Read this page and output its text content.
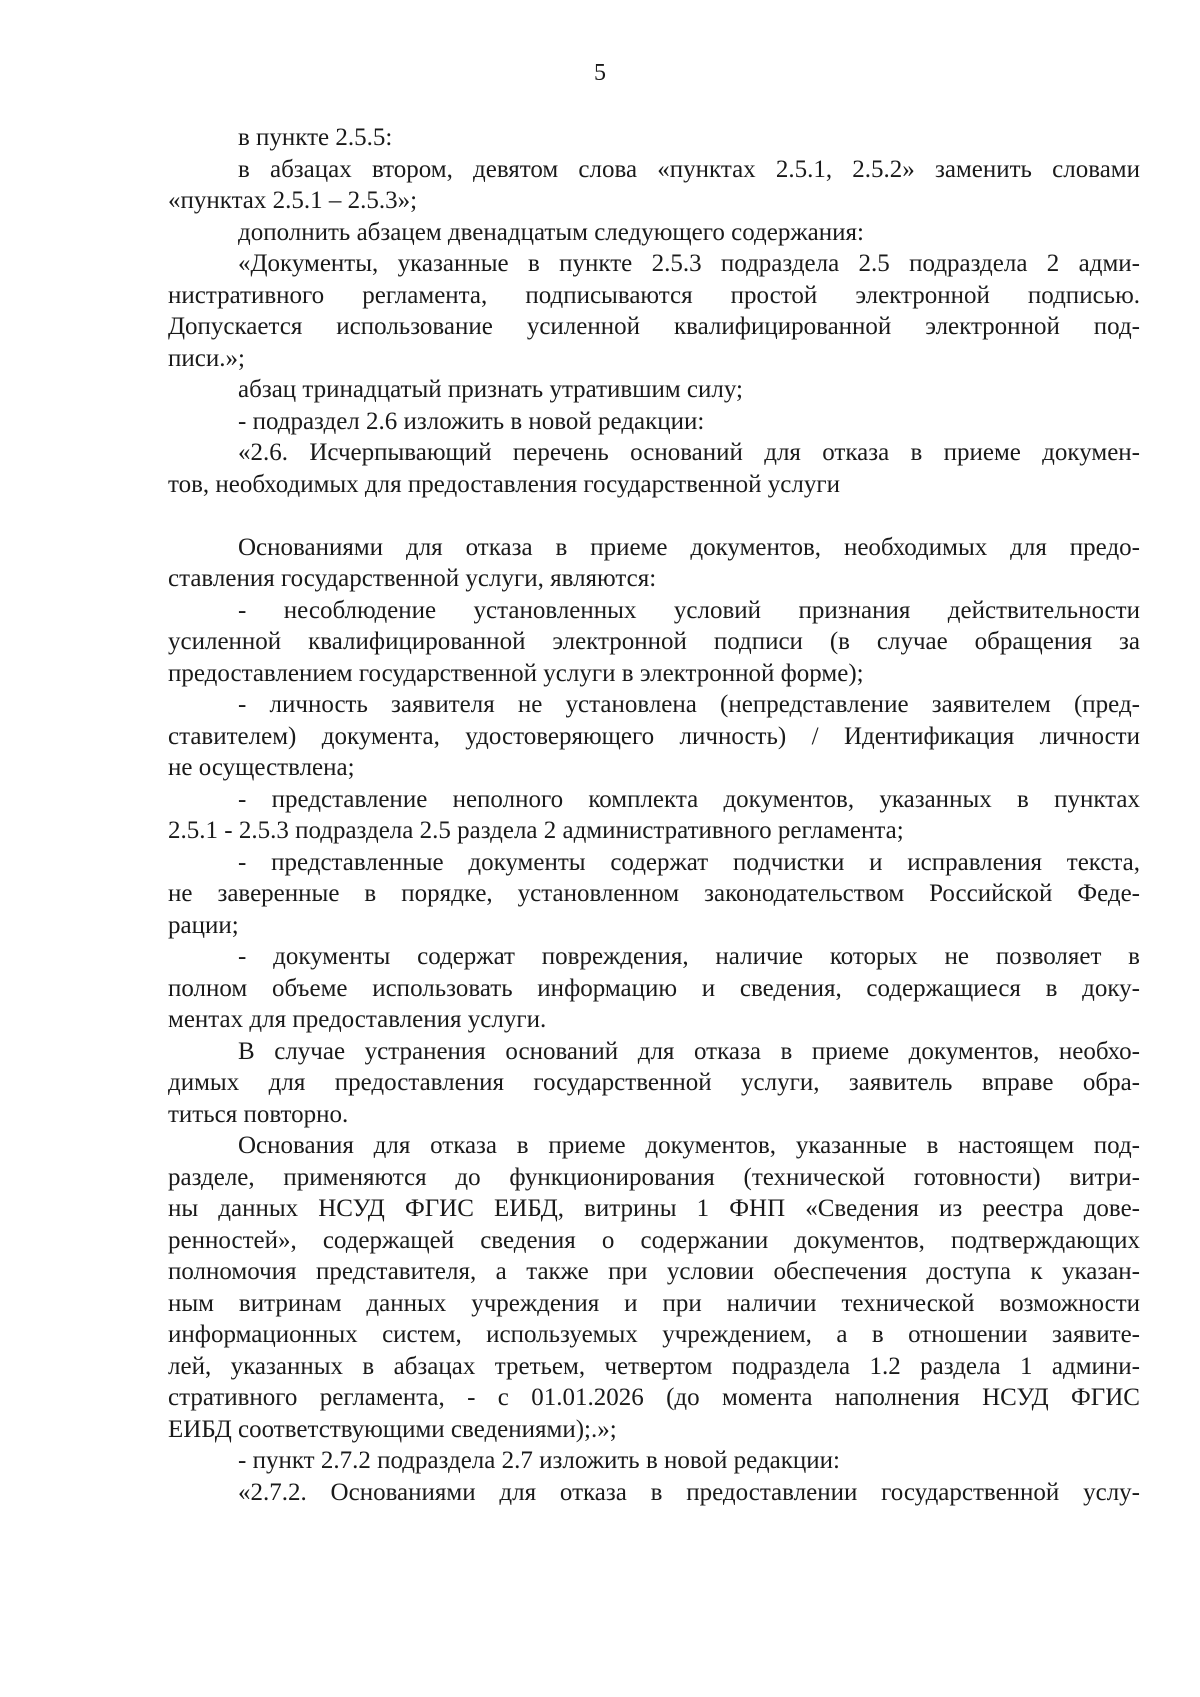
5
в пункте 2.5.5:
в абзацах втором, девятом слова «пунктах 2.5.1, 2.5.2» заменить словами
«пунктах 2.5.1 – 2.5.3»;
дополнить абзацем двенадцатым следующего содержания:
«Документы, указанные в пункте 2.5.3 подраздела 2.5 подраздела 2 адми-
нистративного регламента, подписываются простой электронной подписью.
Допускается использование усиленной квалифицированной электронной под-
писи.»;
абзац тринадцатый признать утратившим силу;
- подраздел 2.6 изложить в новой редакции:
«2.6. Исчерпывающий перечень оснований для отказа в приеме докумен-
тов, необходимых для предоставления государственной услуги
Основаниями для отказа в приеме документов, необходимых для предо-
ставления государственной услуги, являются:
- несоблюдение установленных условий признания действительности
усиленной квалифицированной электронной подписи (в случае обращения за
предоставлением государственной услуги в электронной форме);
- личность заявителя не установлена (непредставление заявителем (пред-
ставителем) документа, удостоверяющего личность) / Идентификация личности
не осуществлена;
- представление неполного комплекта документов, указанных в пунктах
2.5.1 - 2.5.3 подраздела 2.5 раздела 2 административного регламента;
- представленные документы содержат подчистки и исправления текста,
не заверенные в порядке, установленном законодательством Российской Феде-
рации;
- документы содержат повреждения, наличие которых не позволяет в
полном объеме использовать информацию и сведения, содержащиеся в доку-
ментах для предоставления услуги.
В случае устранения оснований для отказа в приеме документов, необхо-
димых для предоставления государственной услуги, заявитель вправе обра-
титься повторно.
Основания для отказа в приеме документов, указанные в настоящем под-
разделе, применяются до функционирования (технической готовности) витри-
ны данных НСУД ФГИС ЕИБД, витрины 1 ФНП «Сведения из реестра дове-
ренностей», содержащей сведения о содержании документов, подтверждающих
полномочия представителя, а также при условии обеспечения доступа к указан-
ным витринам данных учреждения и при наличии технической возможности
информационных систем, используемых учреждением, а в отношении заявите-
лей, указанных в абзацах третьем, четвертом подраздела 1.2 раздела 1 админи-
стративного регламента, - с 01.01.2026 (до момента наполнения НСУД ФГИС
ЕИБД соответствующими сведениями);.»;
- пункт 2.7.2 подраздела 2.7 изложить в новой редакции:
«2.7.2. Основаниями для отказа в предоставлении государственной услу-
